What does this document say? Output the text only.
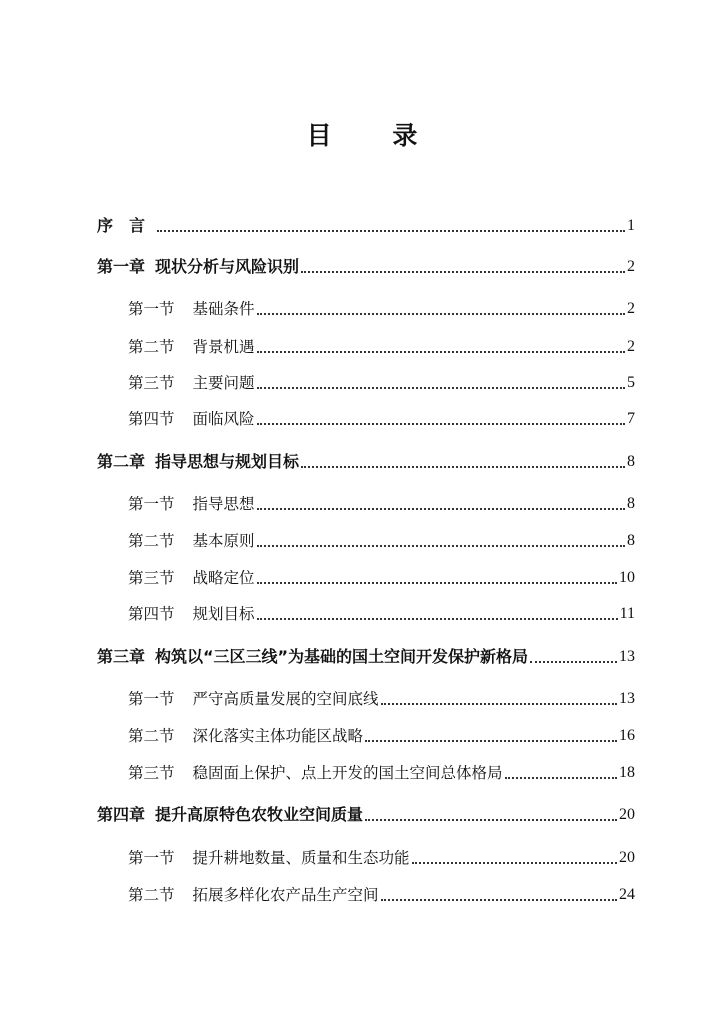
目 录
序　言	1
第一章 现状分析与风险识别	2
第一节 基础条件	2
第二节 背景机遇	2
第三节 主要问题	5
第四节 面临风险	7
第二章 指导思想与规划目标	8
第一节 指导思想	8
第二节 基本原则	8
第三节 战略定位	10
第四节 规划目标	11
第三章 构筑以“三区三线”为基础的国土空间开发保护新格局	13
第一节 严守高质量发展的空间底线	13
第二节 深化落实主体功能区战略	16
第三节 稳固面上保护、点上开发的国土空间总体格局	18
第四章 提升高原特色农牧业空间质量	20
第一节 提升耕地数量、质量和生态功能	20
第二节 拓展多样化农产品生产空间	24
